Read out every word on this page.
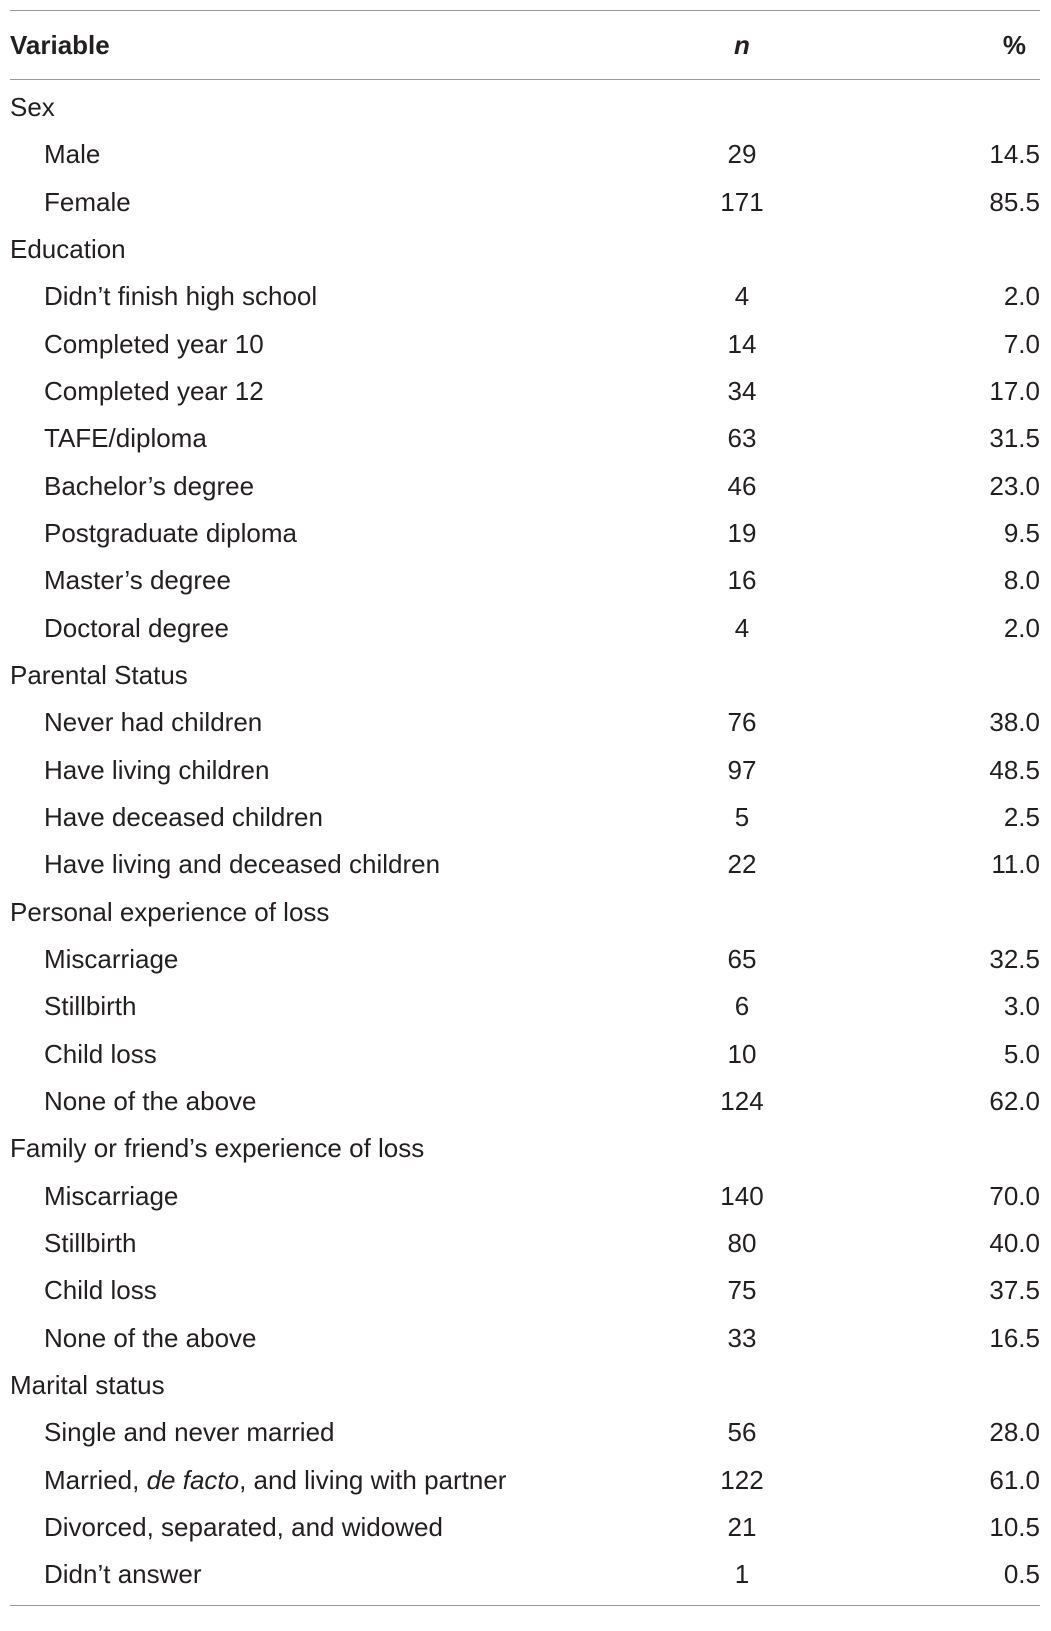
Variable	n	%
Sex
Male	29	14.5
Female	171	85.5
Education
Didn’t finish high school	4	2.0
Completed year 10	14	7.0
Completed year 12	34	17.0
TAFE/diploma	63	31.5
Bachelor’s degree	46	23.0
Postgraduate diploma	19	9.5
Master’s degree	16	8.0
Doctoral degree	4	2.0
Parental Status
Never had children	76	38.0
Have living children	97	48.5
Have deceased children	5	2.5
Have living and deceased children	22	11.0
Personal experience of loss
Miscarriage	65	32.5
Stillbirth	6	3.0
Child loss	10	5.0
None of the above	124	62.0
Family or friend’s experience of loss
Miscarriage	140	70.0
Stillbirth	80	40.0
Child loss	75	37.5
None of the above	33	16.5
Marital status
Single and never married	56	28.0
Married, de facto , and living with partner	122	61.0
Divorced, separated, and widowed	21	10.5
Didn’t answer	1	0.5
